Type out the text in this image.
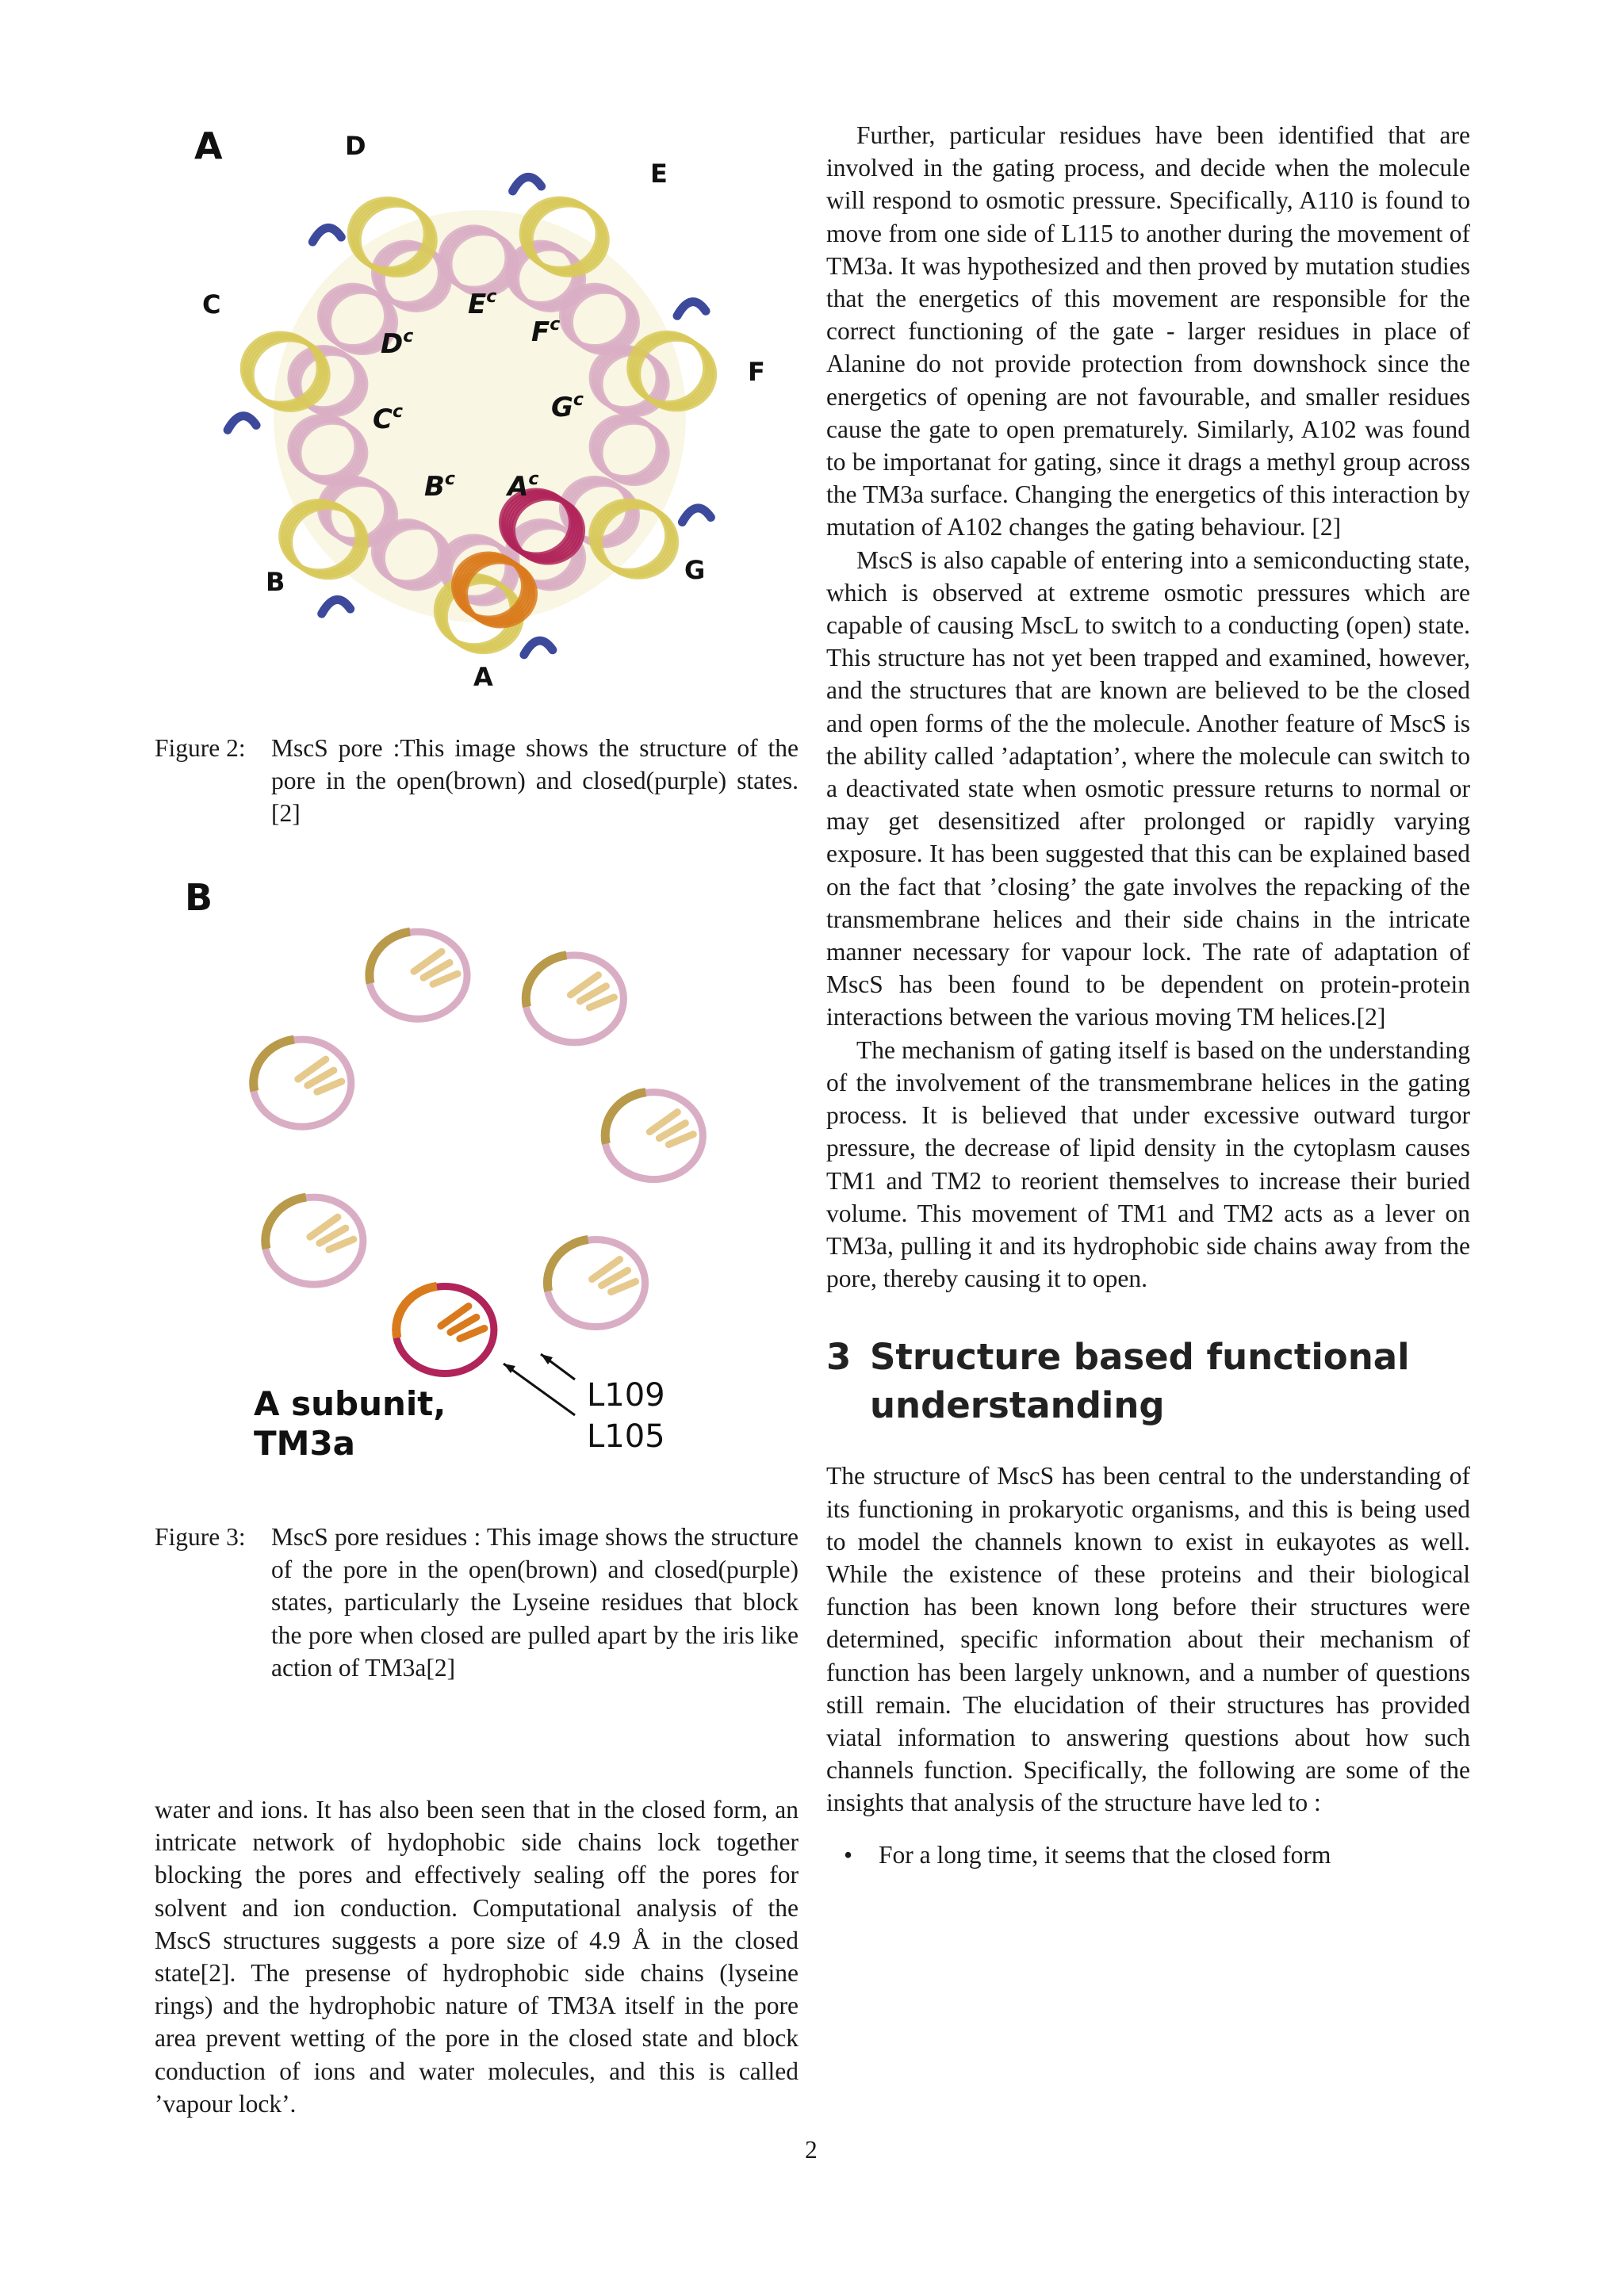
A	D
E
C
F
B	G
A
$E^c$
$D^c$	$F^c$
$C^c$	$G^c$
$B^c$ $A^c$
Figure 2: MscS pore :This image shows the structure of the pore in the open(brown) and closed(purple) states.[2]
B
A subunit,
TM3a
L109
L105
Figure 3: MscS pore residues : This image shows the structure of the pore in the open(brown) and closed(purple) states, particularly the Lyseine residues that block the pore when closed are pulled apart by the iris like action of TM3a[2]

water and ions. It has also been seen that in the closed form, an intricate network of hydophobic side chains lock together blocking the pores and effectively sealing off the pores for solvent and ion conduction. Computational analysis of the MscS structures suggests a pore size of 4.9 Å in the closed state[2]. The presense of hydrophobic side chains (lyseine rings) and the hydrophobic nature of TM3A itself in the pore area prevent wetting of the pore in the closed state and block conduction of ions and water molecules, and this is called ’vapour lock’.

Further, particular residues have been identified that are involved in the gating process, and decide when the molecule will respond to osmotic pressure. Specifically, A110 is found to move from one side of L115 to another during the movement of TM3a. It was hypothesized and then proved by mutation studies that the energetics of this movement are responsible for the correct functioning of the gate - larger residues in place of Alanine do not provide protection from downshock since the energetics of opening are not favourable, and smaller residues cause the gate to open prematurely. Similarly, A102 was found to be importanat for gating, since it drags a methyl group across the TM3a surface. Changing the energetics of this interaction by mutation of A102 changes the gating behaviour. [2]

MscS is also capable of entering into a semiconducting state, which is observed at extreme osmotic pressures which are capable of causing MscL to switch to a conducting (open) state. This structure has not yet been trapped and examined, however, and the structures that are known are believed to be the closed and open forms of the the molecule. Another feature of MscS is the ability called ’adaptation’, where the molecule can switch to a deactivated state when osmotic pressure returns to normal or may get desensitized after prolonged or rapidly varying exposure. It has been suggested that this can be explained based on the fact that ’closing’ the gate involves the repacking of the transmembrane helices and their side chains in the intricate manner necessary for vapour lock. The rate of adaptation of MscS has been found to be dependent on protein-protein interactions between the various moving TM helices.[2]

The mechanism of gating itself is based on the understanding of the involvement of the transmembrane helices in the gating process. It is believed that under excessive outward turgor pressure, the decrease of lipid density in the cytoplasm causes TM1 and TM2 to reorient themselves to increase their buried volume. This movement of TM1 and TM2 acts as a lever on TM3a, pulling it and its hydrophobic side chains away from the pore, thereby causing it to open.

3 Structure based functional understanding

The structure of MscS has been central to the understanding of its functioning in prokaryotic organisms, and this is being used to model the channels known to exist in eukayotes as well. While the existence of these proteins and their biological function has been known long before their structures were determined, specific information about their mechanism of function has been largely unknown, and a number of questions still remain. The elucidation of their structures has provided viatal information to answering questions about how such channels function. Specifically, the following are some of the insights that analysis of the structure have led to :

• For a long time, it seems that the closed form
2
